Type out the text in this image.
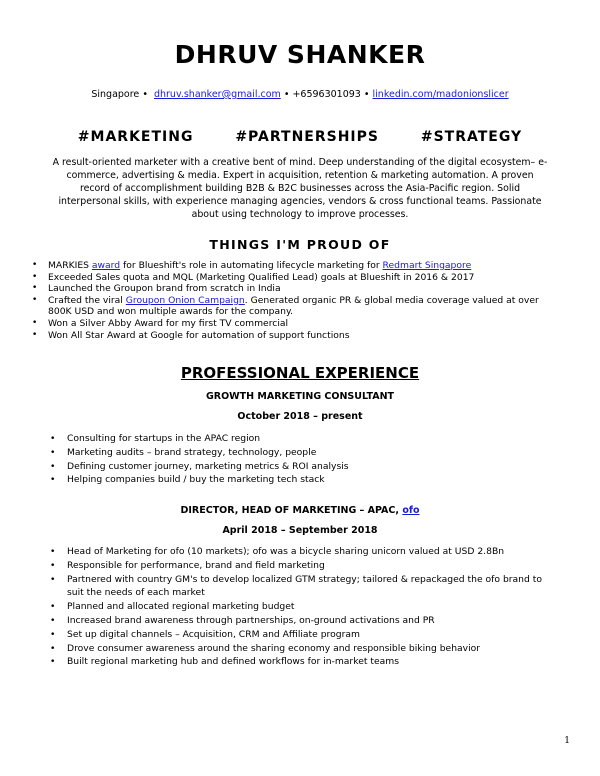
DHRUV SHANKER
Singapore • dhruv.shanker@gmail.com • +6596301093 • linkedin.com/madonionslicer
#MARKETING	#PARTNERSHIPS	#STRATEGY
A result-oriented marketer with a creative bent of mind. Deep understanding of the digital ecosystem– e-commerce, advertising & media. Expert in acquisition, retention & marketing automation. A proven record of accomplishment building B2B & B2C businesses across the Asia-Pacific region. Solid interpersonal skills, with experience managing agencies, vendors & cross functional teams. Passionate about using technology to improve processes.
THINGS I'M PROUD OF
• MARKIES award for Blueshift's role in automating lifecycle marketing for Redmart Singapore
• Exceeded Sales quota and MQL (Marketing Qualified Lead) goals at Blueshift in 2016 & 2017
• Launched the Groupon brand from scratch in India
• Crafted the viral Groupon Onion Campaign. Generated organic PR & global media coverage valued at over 800K USD and won multiple awards for the company.
• Won a Silver Abby Award for my first TV commercial
• Won All Star Award at Google for automation of support functions
PROFESSIONAL EXPERIENCE
GROWTH MARKETING CONSULTANT
October 2018 – present
• Consulting for startups in the APAC region
• Marketing audits – brand strategy, technology, people
• Defining customer journey, marketing metrics & ROI analysis
• Helping companies build / buy the marketing tech stack
DIRECTOR, HEAD OF MARKETING – APAC, ofo
April 2018 – September 2018
• Head of Marketing for ofo (10 markets); ofo was a bicycle sharing unicorn valued at USD 2.8Bn
• Responsible for performance, brand and field marketing
• Partnered with country GM's to develop localized GTM strategy; tailored & repackaged the ofo brand to suit the needs of each market
• Planned and allocated regional marketing budget
• Increased brand awareness through partnerships, on-ground activations and PR
• Set up digital channels – Acquisition, CRM and Affiliate program
• Drove consumer awareness around the sharing economy and responsible biking behavior
• Built regional marketing hub and defined workflows for in-market teams
1
